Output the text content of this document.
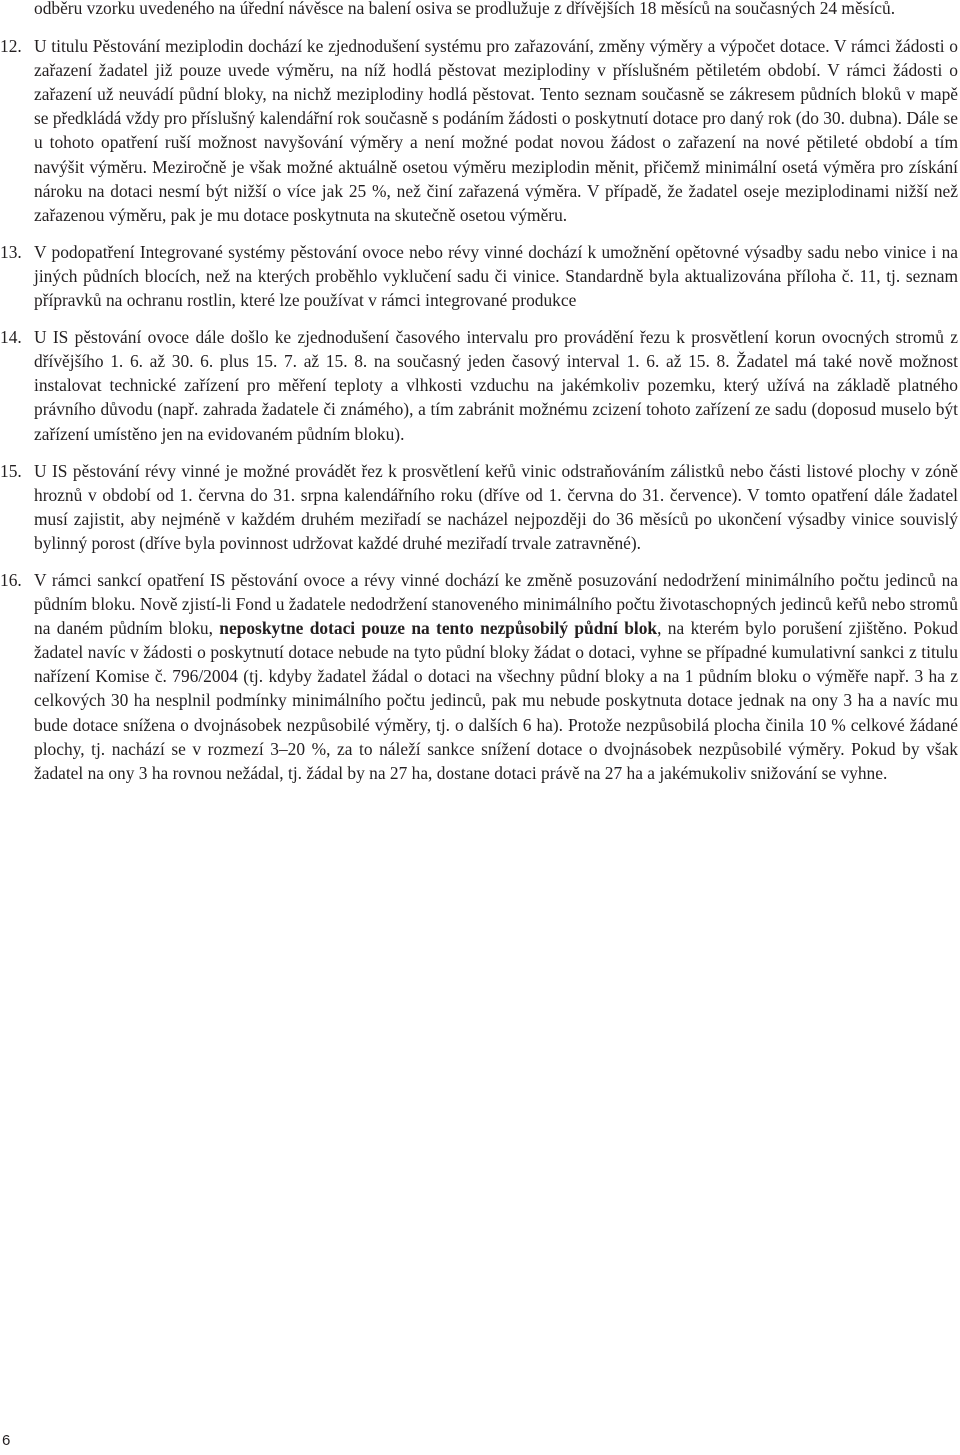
odběru vzorku uvedeného na úřední návěsce na balení osiva se prodlužuje z dřívějších 18 měsíců na současných 24 měsíců.

12. U titulu Pěstování meziplodin dochází ke zjednodušení systému pro zařazování, změny výměry a výpočet dotace. V rámci žádosti o zařazení žadatel již pouze uvede výměru, na níž hodlá pěstovat meziplodiny v příslušném pětiletém období. V rámci žádosti o zařazení už neuvádí půdní bloky, na nichž meziplodiny hodlá pěstovat. Tento seznam současně se zákresem půdních bloků v mapě se předkládá vždy pro příslušný kalendářní rok současně s podáním žádosti o poskytnutí dotace pro daný rok (do 30. dubna). Dále se u tohoto opatření ruší možnost navyšování výměry a není možné podat novou žádost o zařazení na nové pětileté období a tím navýšit výměru. Meziročně je však možné aktuálně osetou výměru meziplodin měnit, přičemž minimální osetá výměra pro získání nároku na dotaci nesmí být nižší o více jak 25 %, než činí zařazená výměra. V případě, že žadatel oseje meziplodinami nižší než zařazenou výměru, pak je mu dotace poskytnuta na skutečně osetou výměru.

13. V podopatření Integrované systémy pěstování ovoce nebo révy vinné dochází k umožnění opětovné výsadby sadu nebo vinice i na jiných půdních blocích, než na kterých proběhlo vyklučení sadu či vinice. Standardně byla aktualizována příloha č. 11, tj. seznam přípravků na ochranu rostlin, které lze používat v rámci integrované produkce

14. U IS pěstování ovoce dále došlo ke zjednodušení časového intervalu pro provádění řezu k prosvětlení korun ovocných stromů z dřívějšího 1. 6. až 30. 6. plus 15. 7. až 15. 8. na současný jeden časový interval 1. 6. až 15. 8. Žadatel má také nově možnost instalovat technické zařízení pro měření teploty a vlhkosti vzduchu na jakémkoliv pozemku, který užívá na základě platného právního důvodu (např. zahrada žadatele či známého), a tím zabránit možnému zcizení tohoto zařízení ze sadu (doposud muselo být zařízení umístěno jen na evidovaném půdním bloku).

15. U IS pěstování révy vinné je možné provádět řez k prosvětlení keřů vinic odstraňováním zálistků nebo části listové plochy v zóně hroznů v období od 1. června do 31. srpna kalendářního roku (dříve od 1. června do 31. července). V tomto opatření dále žadatel musí zajistit, aby nejméně v každém druhém meziřadí se nacházel nejpozději do 36 měsíců po ukončení výsadby vinice souvislý bylinný porost (dříve byla povinnost udržovat každé druhé meziřadí trvale zatravněné).

16. V rámci sankcí opatření IS pěstování ovoce a révy vinné dochází ke změně posuzování nedodržení minimálního počtu jedinců na půdním bloku. Nově zjistí-li Fond u žadatele nedodržení stanoveného minimálního počtu životaschopných jedinců keřů nebo stromů na daném půdním bloku, neposkytne dotaci pouze na tento nezpůsobilý půdní blok, na kterém bylo porušení zjištěno. Pokud žadatel navíc v žádosti o poskytnutí dotace nebude na tyto půdní bloky žádat o dotaci, vyhne se případné kumulativní sankci z titulu nařízení Komise č. 796/2004 (tj. kdyby žadatel žádal o dotaci na všechny půdní bloky a na 1 půdním bloku o výměře např. 3 ha z celkových 30 ha nesplnil podmínky minimálního počtu jedinců, pak mu nebude poskytnuta dotace jednak na ony 3 ha a navíc mu bude dotace snížena o dvojnásobek nezpůsobilé výměry, tj. o dalších 6 ha). Protože nezpůsobilá plocha činila 10 % celkové žádané plochy, tj. nachází se v rozmezí 3–20 %, za to náleží sankce snížení dotace o dvojnásobek nezpůsobilé výměry. Pokud by však žadatel na ony 3 ha rovnou nežádal, tj. žádal by na 27 ha, dostane dotaci právě na 27 ha a jakémukoliv snižování se vyhne.

6
